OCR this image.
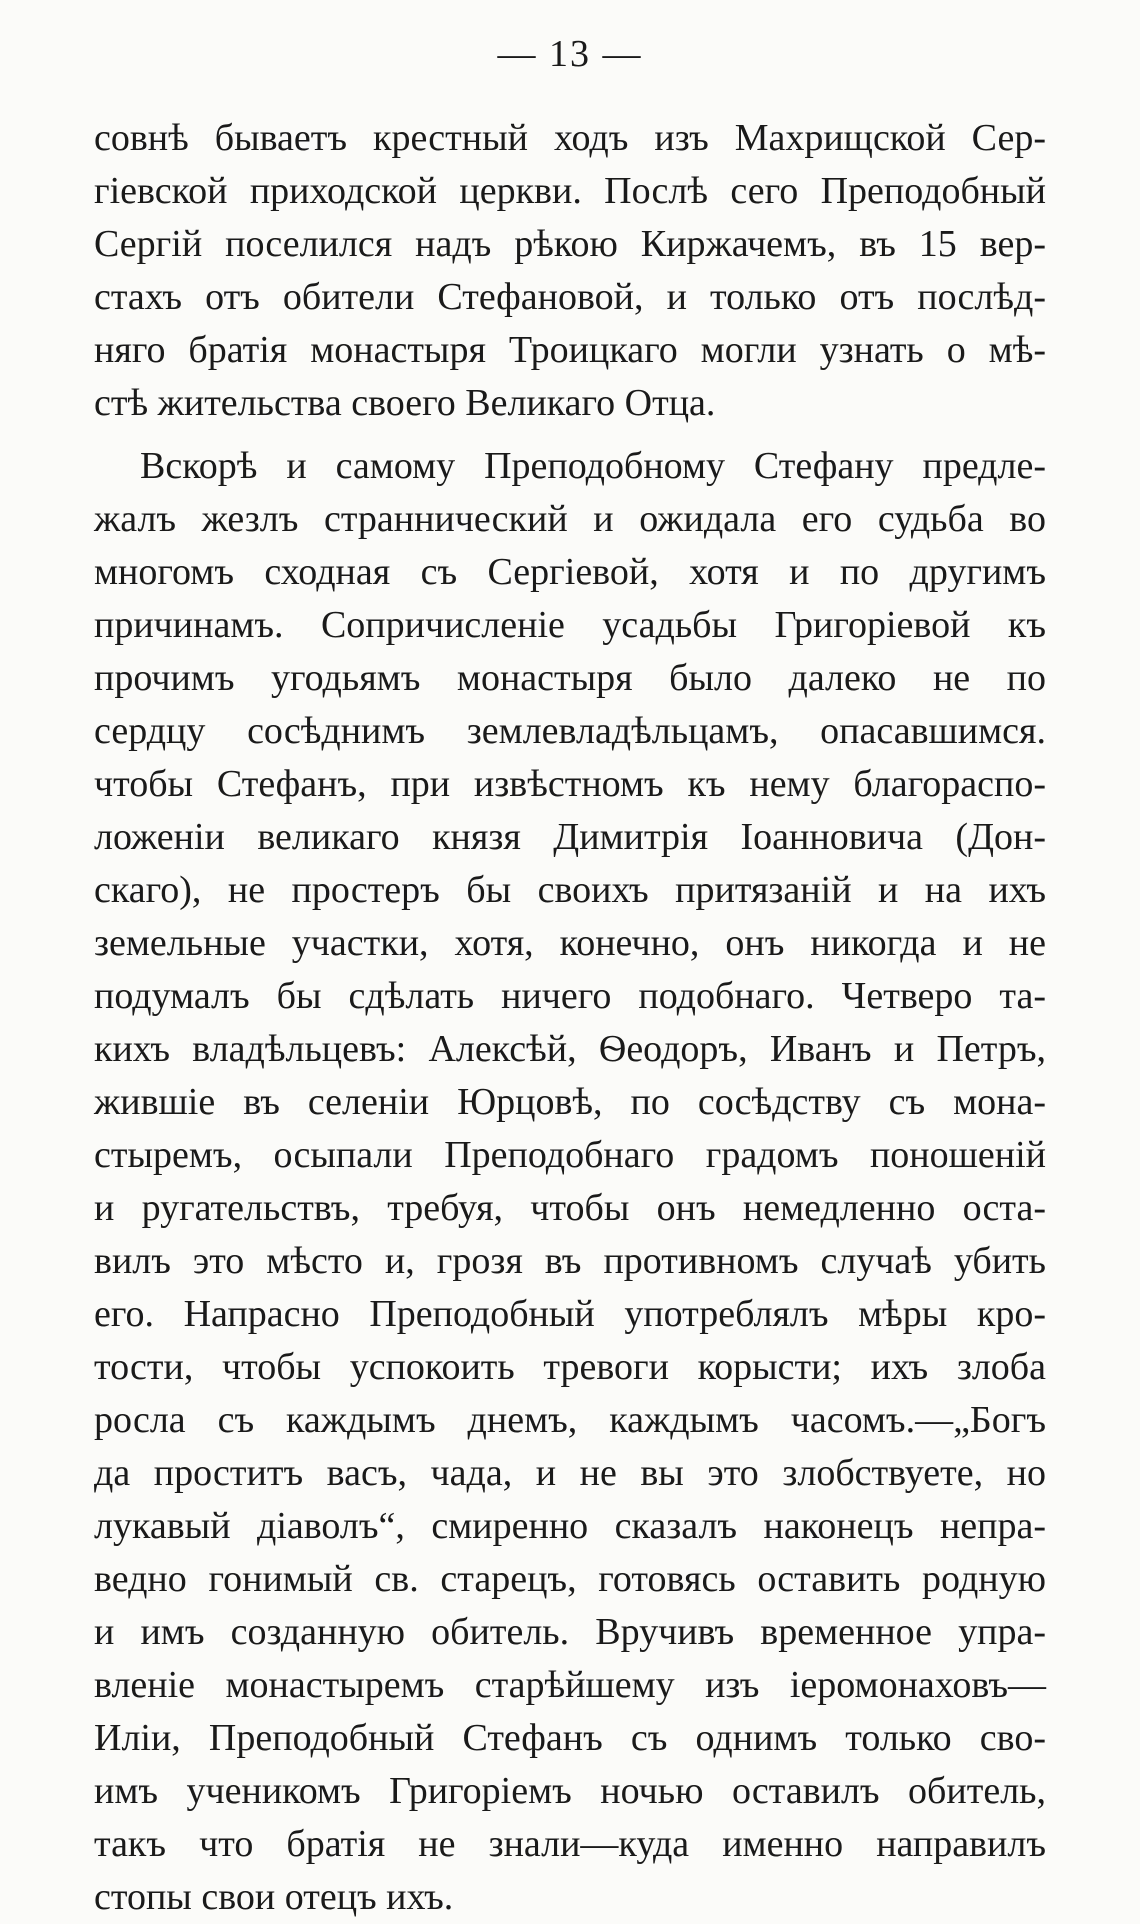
— 13 —
совнѣ бываетъ крестный ходъ изъ Махрищской Сер-
гіевской приходской церкви. Послѣ сего Преподобный
Сергій поселился надъ рѣкою Киржачемъ, въ 15 вер-
стахъ отъ обители Стефановой, и только отъ послѣд-
няго братія монастыря Троицкаго могли узнать о мѣ-
стѣ жительства своего Великаго Отца.
Вскорѣ и самому Преподобному Стефану предле-
жалъ жезлъ страннический и ожидала его судьба во
многомъ сходная съ Сергіевой, хотя и по другимъ
причинамъ. Сопричисленіе усадьбы Григоріевой къ
прочимъ угодьямъ монастыря было далеко не по
сердцу сосѣднимъ землевладѣльцамъ, опасавшимся.
чтобы Стефанъ, при извѣстномъ къ нему благораспо-
ложеніи великаго князя Димитрія Іоанновича (Дон-
скаго), не простеръ бы своихъ притязаній и на ихъ
земельные участки, хотя, конечно, онъ никогда и не
подумалъ бы сдѣлать ничего подобнаго. Четверо та-
кихъ владѣльцевъ: Алексѣй, Ѳеодоръ, Иванъ и Петръ,
жившіе въ селеніи Юрцовѣ, по сосѣдству съ мона-
стыремъ, осыпали Преподобнаго градомъ поношеній
и ругательствъ, требуя, чтобы онъ немедленно оста-
вилъ это мѣсто и, грозя въ противномъ случаѣ убить
его. Напрасно Преподобный употреблялъ мѣры кро-
тости, чтобы успокоить тревоги корысти; ихъ злоба
росла съ каждымъ днемъ, каждымъ часомъ.—„Богъ
да проститъ васъ, чада, и не вы это злобствуете, но
лукавый діаволъ“, смиренно сказалъ наконецъ непра-
ведно гонимый св. старецъ, готовясь оставить родную
и имъ созданную обитель. Вручивъ временное упра-
вленіе монастыремъ старѣйшему изъ іеромонаховъ—
Иліи, Преподобный Стефанъ съ однимъ только сво-
имъ ученикомъ Григоріемъ ночью оставилъ обитель,
такъ что братія не знали—куда именно направилъ
стопы свои отецъ ихъ.
